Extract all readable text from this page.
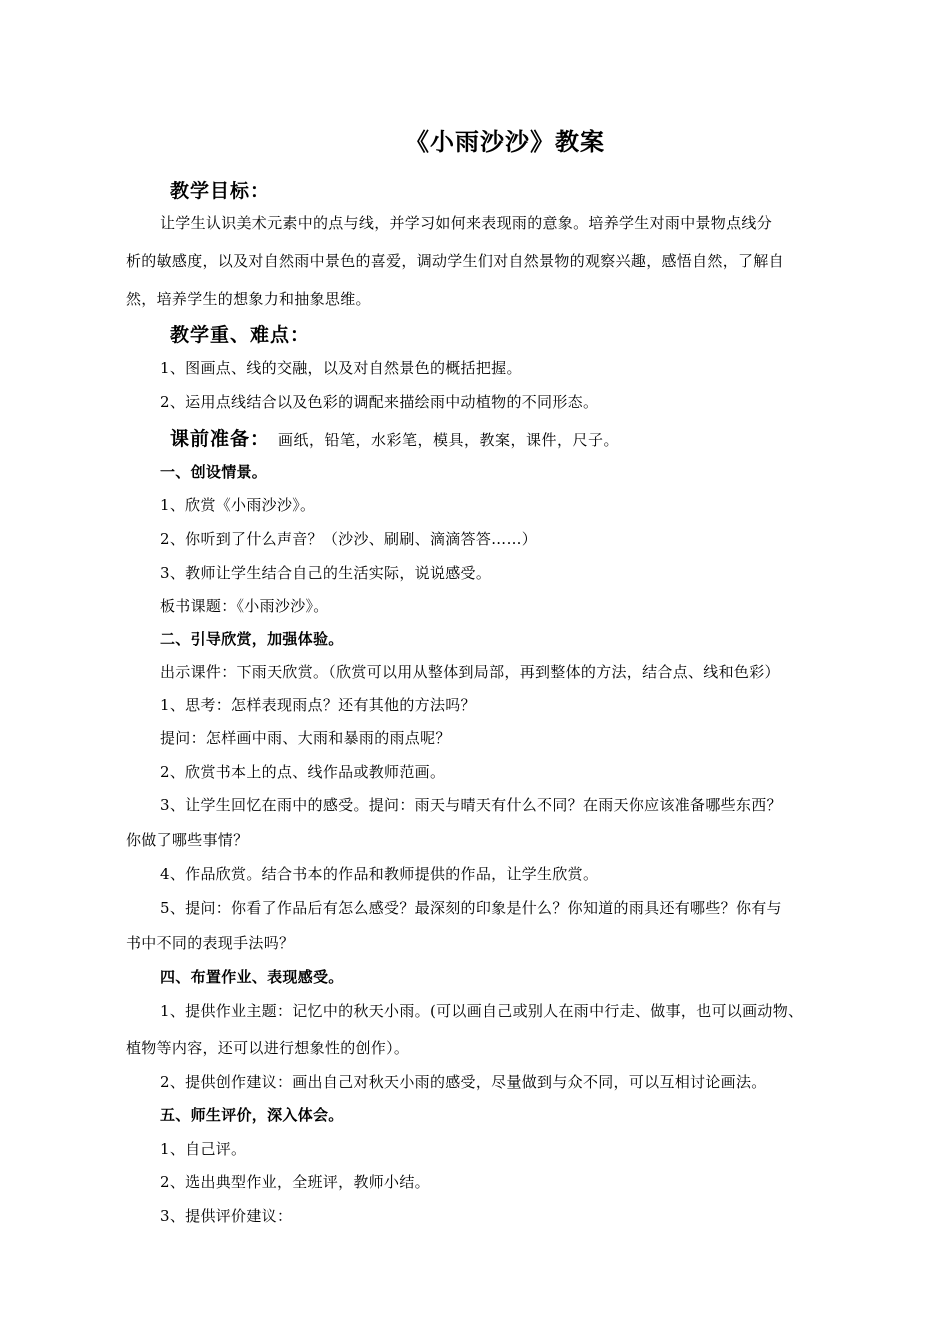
《小雨沙沙》教案
教学目标：
让学生认识美术元素中的点与线，并学习如何来表现雨的意象。培养学生对雨中景物点线分
析的敏感度，以及对自然雨中景色的喜爱，调动学生们对自然景物的观察兴趣，感悟自然，了解自
然，培养学生的想象力和抽象思维。
教学重、难点：
1、图画点、线的交融，以及对自然景色的概括把握。
2、运用点线结合以及色彩的调配来描绘雨中动植物的不同形态。
课前准备： 画纸，铅笔，水彩笔，模具，教案，课件，尺子。
一、创设情景。
1、欣赏《小雨沙沙》。
2、你听到了什么声音？（沙沙、刷刷、滴滴答答……）
3、教师让学生结合自己的生活实际，说说感受。
板书课题：《小雨沙沙》。
二、引导欣赏，加强体验。
出示课件：下雨天欣赏。（欣赏可以用从整体到局部，再到整体的方法，结合点、线和色彩）
1、思考：怎样表现雨点？还有其他的方法吗？
提问：怎样画中雨、大雨和暴雨的雨点呢？
2、欣赏书本上的点、线作品或教师范画。
3、让学生回忆在雨中的感受。提问：雨天与晴天有什么不同？在雨天你应该准备哪些东西？
你做了哪些事情？
4、作品欣赏。结合书本的作品和教师提供的作品，让学生欣赏。
5、提问：你看了作品后有怎么感受？最深刻的印象是什么？你知道的雨具还有哪些？你有与
书中不同的表现手法吗？
四、布置作业、表现感受。
1、提供作业主题：记忆中的秋天小雨。(可以画自己或别人在雨中行走、做事，也可以画动物、
植物等内容，还可以进行想象性的创作）。
2、提供创作建议：画出自己对秋天小雨的感受，尽量做到与众不同，可以互相讨论画法。
五、师生评价，深入体会。
1、自己评。
2、选出典型作业，全班评，教师小结。
3、提供评价建议：
